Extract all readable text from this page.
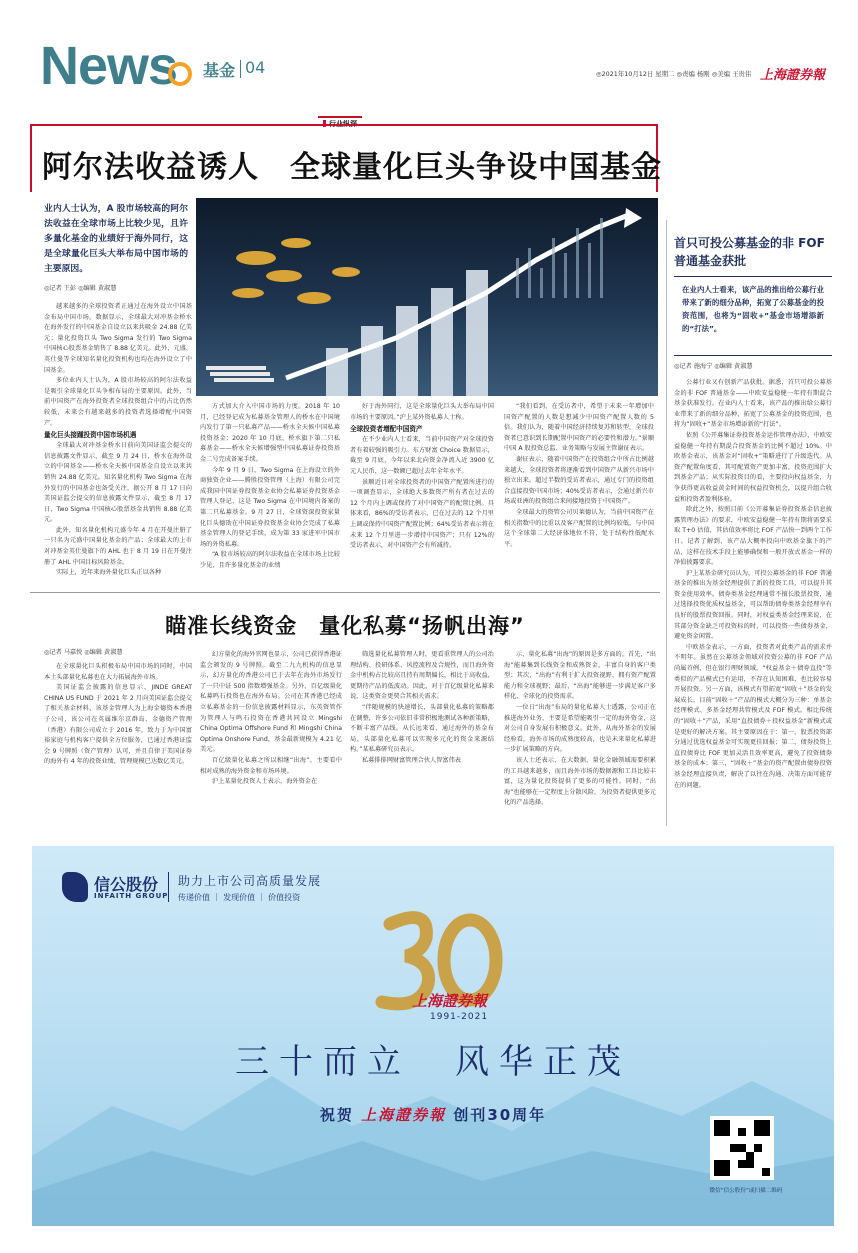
News 基金 04	◎2021年10月12日 星期二 ◎责编 杨刚 ◎美编 王贵伟 上海證券報
行业纵深
阿尔法收益诱人　全球量化巨头争设中国基金
业内人士认为，A 股市场较高的阿尔法收益在全球市场上比较少见，且许多量化基金的业绩好于海外同行，这是全球量化巨头大举布局中国市场的主要原因。
◎记者 王彭 ◎编辑 黄淑慧

越来越多的全球投资者正通过在海外设立中国基金布局中国市场。数据显示，全球最大对冲基金桥水在海外发行的中国基金自设立以来共吸金 24.88 亿美元；量化投资巨头 Two Sigma 发行的 Two Sigma 中国核心股票基金销售了 8.88 亿美元。此外，元盛、英仕曼等全球知名量化投资机构也均在海外设立了中国基金。

多位业内人士认为，A 股市场较高的阿尔法收益是吸引全球量化巨头争相布局的主要原因。此外，当前中国资产在海外投资者全球投资组合中的占比仍然较低，未来会有越来越多的投资者选择增配中国资产。

量化巨头接踵投资中国市场机遇

全球最大对冲基金桥水日前向美国证监会提交的信息披露文件显示，截至 9 月 24 日，桥水在海外设立的中国基金——桥水全天候中国基金自设立以来共销售 24.88 亿美元。知名量化机构 Two Sigma 在海外发行的中国基金也备受关注，据公开 8 月 17 日向美国证监会提交的信息披露文件显示，截至 8 月 17 日，Two Sigma 中国核心股票基金共销售 8.88 亿美元。

此外，知名量化机构元盛今年 4 月在开曼注册了一只名为元盛中国量化基金的产品；全球最大的上市对冲基金英仕曼旗下的 AHL 也于 8 月 19 日在开曼注册了 AHL 中国目标风险基金。

实际上，近年来海外量化巨头正以各种

方式加大介入中国市场的力度。2018 年 10 月，已经登记成为私募基金管理人的桥水在中国境内发行了第一只私募产品——桥水全天候中国私募投资基金；2020 年 10 月底，桥水旗下第二只私募基金——桥水全天候增强型中国私募证券投资基金二号完成备案手续。

今年 9 月 9 日，Two Sigma 在上海设立的外商独资企业——腾胜投资管理（上海）有限公司完成我国中国证券投资基金业协会私募证券投资基金管理人登记，这是 Two Sigma 在中国境内备案的第二只私募基金。9 月 27 日，全球资深投资家量化巨头德劭在中国证券投资基金业协会完成了私募基金管理人的登记手续，成为第 33 家进军中国市场的外资私募。

“A 股市场较高的阿尔法收益在全球市场上比较少见，且许多量化基金的业绩

好于海外同行，这是全球量化巨头大举布局中国市场的主要原因。”沪上某外资私募人士称。

全球投资者增配中国资产

在不少业内人士看来，当前中国资产对全球投资者有着较强的吸引力。东方财富 Choice 数据显示，截至 9 月底，今年以来北向资金净流入近 3900 亿元人民币，这一数额已超过去年全年水平。

景顺近日对全球投资者的中国资产配置所进行的一项调查显示，全球绝大多数资产所有者在过去的 12 个月内上调或保持了对中国资产的配置比例。具体来看，86%的受访者表示，已在过去的 12 个月里上调或保持中国资产配置比例；64%受访者表示将在未来 12 个月里进一步增持中国资产；只有 12%的受访者表示，对中国资产会有所减持。

“我们看到，在受访者中，希望于未来一年增加中国资产配置的人数是想减少中国资产配置人数的 5 倍。我们认为，随着中国经济持续复苏和转型，全球投资者已意识到长期配置中国资产的必要性和潜力。”景顺中国 A 股投资总监、业务策略与发展主管谢征表示。

谢征表示，随着中国资产在投资组合中所占比例越来越大，全球投资者将逐渐看到中国资产从新兴市场中独立出来。超过半数的受访者表示，通过专门的投资组合直接投资中国市场；40%受访者表示，会通过新兴市场或亚洲的投资组合来间接地投资于中国资产。

全球最大的资管公司贝莱德认为，当前中国资产在相关指数中的比重以及客户配置的比例均较低，与中国这个全球第二大经济体地位不符，处于结构性低配水平。

首只可投公募基金的非 FOF 普通基金获批
在业内人士看来，该产品的推出给公募行业带来了新的细分品种，拓宽了公募基金的投资范围，也将为“固收+”基金市场增添新的“打法”。
◎记者 施海宁 ◎编辑 黄淑慧

公募行业又有创新产品获批。据悉，首只可投公募基金的非 FOF 普通基金——中欧安益稳健一年持有期混合基金获准发行。在业内人士看来，该产品的推出给公募行业带来了新的细分品种，拓宽了公募基金的投资范围，也将为“固收+”基金市场增添新的“打法”。

依照《公开募集证券投资基金运作管理办法》，中欧安益稳健一年持有期混合投资基金的比例不超过 10%。中欧基金表示，该基金对“固收+”策略进行了升级迭代。从资产配置角度看，其可配置资产更加丰富，投资范围扩大到基金产品；从实际投资目的看，主要投向权益基金，力争获得更高收益黄金时间的权益投资机会，以提升组合收益和投资者盈利体验。

除此之外，按照目前《公开募集证券投资基金信息披露管理办法》的要求，中欧安益稳健一年持有期将需要采取 T+0 估值，其估值效率将比 FOF 产品快一到两个工作日。记者了解到，该产品大概率投向中欧基金旗下的产品，这样在技术手段上能够确保和一般开放式基金一样的净值披露要求。

沪上某基金研究员认为，可投公募基金的非 FOF 普通基金的推出为基金经理提供了新的投资工具，可以提升其资金使用效率。债券类基金经理通常不擅长股票投资，通过选择投资优质权益基金，可以帮助债券类基金经理享有良好的股票投资回报。同时，对权益类基金经理来说，在其部分资金缺乏可投资标的时，可以投资一些债券基金，避免资金闲置。

中欧基金表示，一方面，投资者对此类产品的需求并不明年。虽然在公募基金领域对投资公募的非 FOF 产品尚属首例，但在银行理财领域，“权益基金＋债券直投”等类似的产品模式已有运用，不存在认知困难，也比较容易开展投资。另一方面，该模式有望拓宽“固收＋”基金的发展成长。目前“固收＋”产品的模式大概分为三种：单基金经理模式、多基金经理共管模式及 FOF 模式。相比传统的“固收＋”产品，采用“直投债券＋投权益基金”新模式或是更好的解决方案。其主要原因在于：第一，股票投资部分通过优选权益基金可实现更佳回报；第二，债券投资上直投债券比 FOF 更加灵活且效率更高，避免了投资债券基金的成本；第三，“固收＋”基金的资产配置由债券投资基金经理直接负责，解决了以往在沟通、决策方面可能存在的问题。

瞄准长线资金　量化私募“扬帆出海”
◎记者 马嘉悦 ◎编辑 黄淑慧

在全球量化巨头积极布局中国市场的同时，中国本土头部量化私募也在大力拓展海外市场。

美国证监会披露的信息显示，JINDE GREAT CHINA US FUND 于 2021 年 2 月向美国证监会提交了相关基金材料，该基金管理人为上海金德资本香港子公司，该公司在英属维尔京群岛、金德资产管理（香港）有限公司成立于 2016 年，致力于为中国富裕家庭与机构客户提供全方位服务，已通过香港证监会 9 号牌照（资产管理）认可，并且自律于美国证券的海外有 4 年的投资业绩，管理规模已达数亿美元。

幻方量化的海外官网也显示，公司已获得香港证监会颁发的 9 号牌照。截至二九九机构的信息显示，幻方量化的香港公司已于去年在海外市场发行了一只中证 500 指数增强基金。另外，百亿级量化私募鸣石投资也在海外布局。公司在其香港已经成立私募基金的一份信息披露材料显示，东英资管作为管理人与鸣石投资在香港共同设立 Mingshi China Optima Offshore Fund 和 Mingshi China Optima Onshore Fund，基金最新规模为 4.21 亿美元。

百亿级量化私募之所以相继“出海”，主要看中相对成熟的海外资金和市场环境。

沪上某量化投资人士表示，海外资金在

筛选量化私募管理人时，更看重管理人的公司治理结构、投研体系、风控流程及合规性，而且海外资金中机构占比较高且持有周期偏长，相比于高收益，更期待产品的低波动。因此，对于百亿级量化私募来说，这类资金更契合其相关需求。

“伴随规模的快速增长，头部量化私募的策略都在调整，许多公司依旧非常积极地测试各种新策略，不断丰富产品线。从长远来看，通过海外的基金布局，头部量化私募可以实现多元化的资金来源结构。”某私募研究员表示。

私募排排网财富管理合伙人智富伟表

示，量化私募“出海”的原因是多方面的。首先，“出海”能募集到长线资金和成熟资金，丰富自身的客户类型；其次，“出海”有利于扩大投资视野、拥有资产配置能力和全球视野；最后，“出海”能够进一步满足客户多样化、全球化的投资需求。

一位日“出海”布局的量化私募人士透露，公司正在推进海外业务，主要是希望能吸引一定的海外资金，这对公司自身发展有积极意义。此外，从海外基金的发展经验看，海外市场的成熟度较高，也是未来量化私募进一步扩展策略的方向。

该人士还表示，在大数据、量化金融领域需要积累的工具越来越多，而且海外市场的数据源和工具比较丰富，这为量化投资提供了更多的可能性。同时，“出海”也能够在一定程度上分散风险，为投资者提供更多元化的产品选择。

信公股份
INFAITH GROUP
助力上市公司高质量发展
传递价值 ｜ 发现价值 ｜ 价值投资
上海證券報
1991-2021
三十而立　风华正茂
祝贺 上海證券報 创刊30周年
微信“信公股份”或扫描二维码
